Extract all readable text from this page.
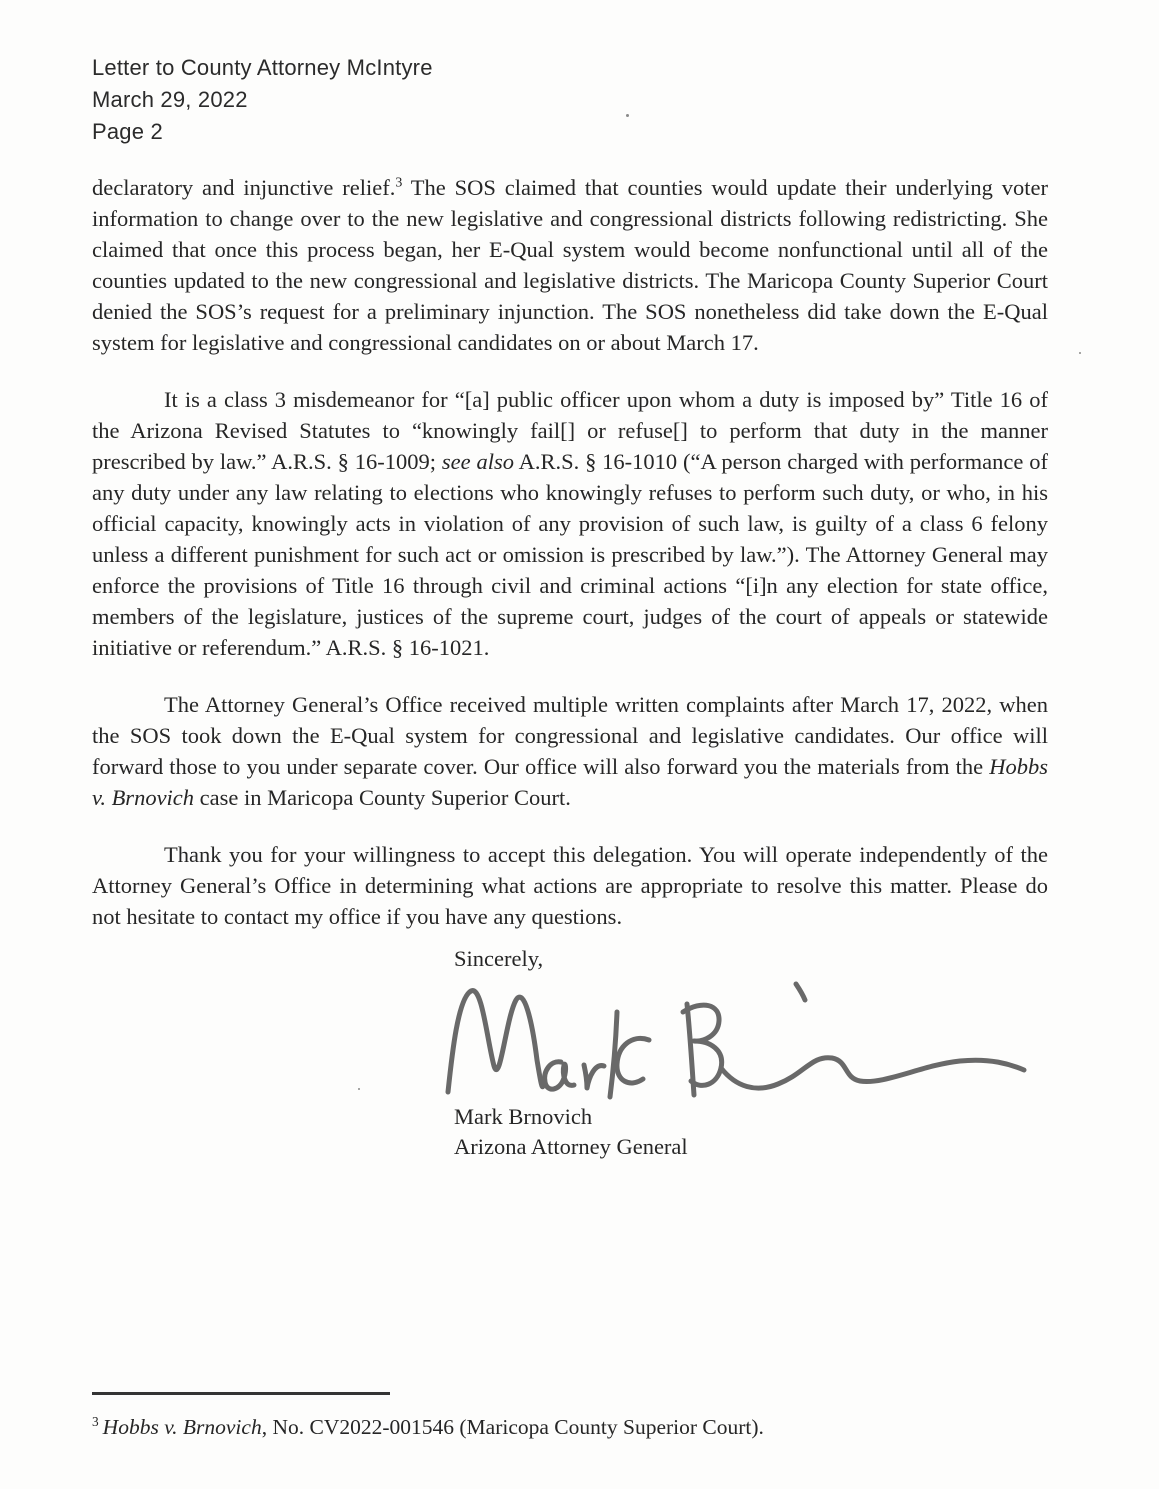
Letter to County Attorney McIntyre
March 29, 2022
Page 2

declaratory and injunctive relief.$^3$ The SOS claimed that counties would update their underlying voter information to change over to the new legislative and congressional districts following redistricting. She claimed that once this process began, her E-Qual system would become nonfunctional until all of the counties updated to the new congressional and legislative districts. The Maricopa County Superior Court denied the SOS’s request for a preliminary injunction. The SOS nonetheless did take down the E-Qual system for legislative and congressional candidates on or about March 17.

It is a class 3 misdemeanor for “[a] public officer upon whom a duty is imposed by” Title 16 of the Arizona Revised Statutes to “knowingly fail[] or refuse[] to perform that duty in the manner prescribed by law.” A.R.S. § 16-1009; see also A.R.S. § 16-1010 (“A person charged with performance of any duty under any law relating to elections who knowingly refuses to perform such duty, or who, in his official capacity, knowingly acts in violation of any provision of such law, is guilty of a class 6 felony unless a different punishment for such act or omission is prescribed by law.”). The Attorney General may enforce the provisions of Title 16 through civil and criminal actions “[i]n any election for state office, members of the legislature, justices of the supreme court, judges of the court of appeals or statewide initiative or referendum.” A.R.S. § 16-1021.

The Attorney General’s Office received multiple written complaints after March 17, 2022, when the SOS took down the E-Qual system for congressional and legislative candidates. Our office will forward those to you under separate cover. Our office will also forward you the materials from the Hobbs v. Brnovich case in Maricopa County Superior Court.

Thank you for your willingness to accept this delegation. You will operate independently of the Attorney General’s Office in determining what actions are appropriate to resolve this matter. Please do not hesitate to contact my office if you have any questions.

Sincerely,
Mark Brnovich
Arizona Attorney General
$^3$ Hobbs v. Brnovich, No. CV2022-001546 (Maricopa County Superior Court).
